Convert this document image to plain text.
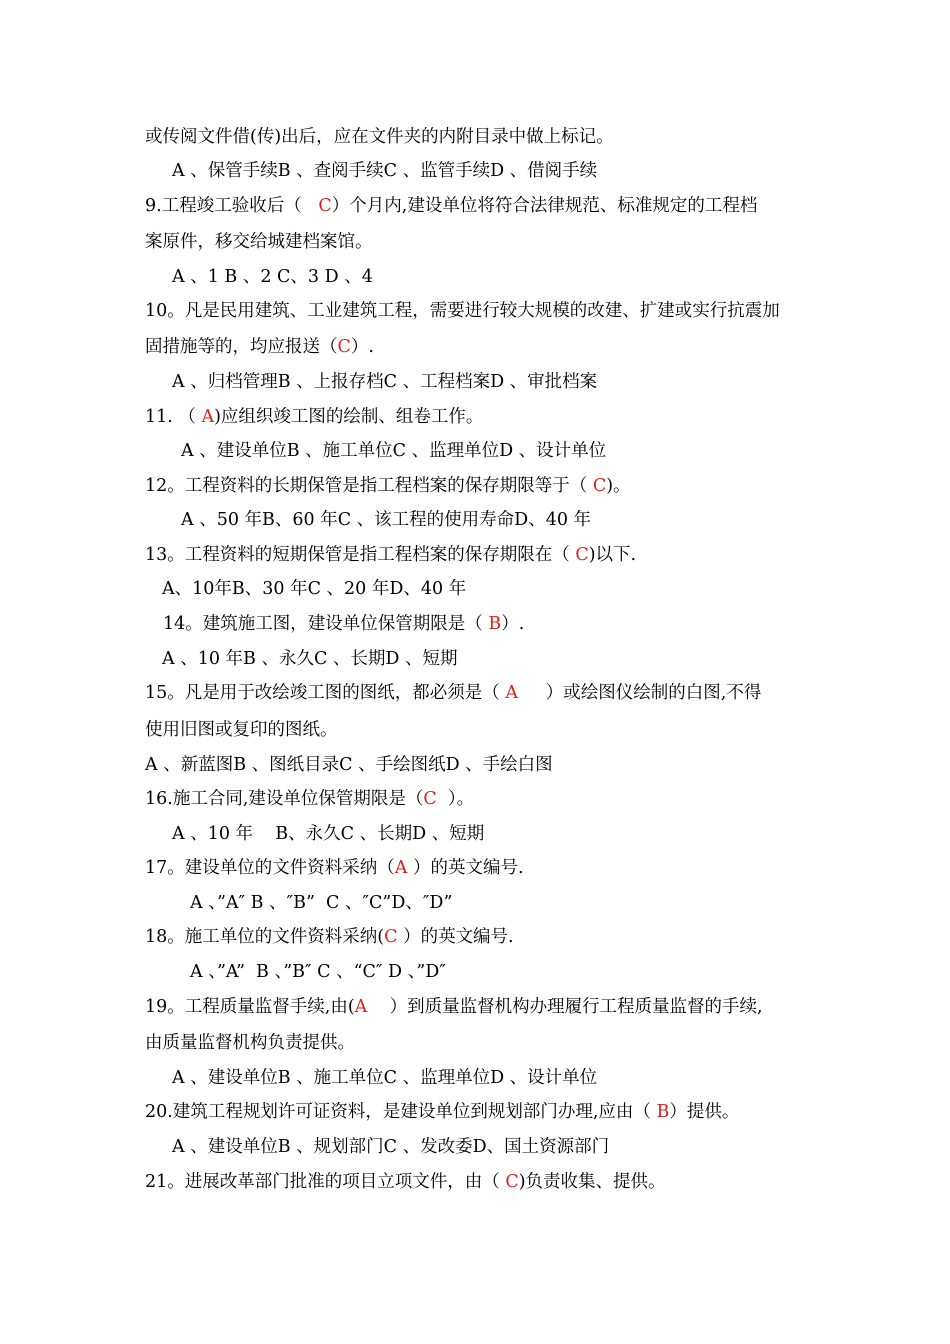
或传阅文件借(传)出后，应在文件夹的内附目录中做上标记。
A 、保管手续B 、查阅手续C 、监管手续D 、借阅手续
9.工程竣工验收后（   C）个月内,建设单位将符合法律规范、标准规定的工程档
案原件，移交给城建档案馆。
A 、1 B 、2 C、3 D 、4
10。凡是民用建筑、工业建筑工程，需要进行较大规模的改建、扩建或实行抗震加
固措施等的，均应报送（C）.
A 、归档管理B 、上报存档C 、工程档案D 、审批档案
11. （ A)应组织竣工图的绘制、组卷工作。
A 、建设单位B 、施工单位C 、监理单位D 、设计单位
12。工程资料的长期保管是指工程档案的保存期限等于（ C)。
A 、50 年B、60 年C 、该工程的使用寿命D、40 年
13。工程资料的短期保管是指工程档案的保存期限在（ C)以下.
A、10年B、30 年C 、20 年D、40 年
14。建筑施工图，建设单位保管期限是（ B）.
A 、10 年B 、永久C 、长期D 、短期
15。凡是用于改绘竣工图的图纸，都必须是（ A     ）或绘图仪绘制的白图,不得
使用旧图或复印的图纸。
A 、新蓝图B 、图纸目录C 、手绘图纸D 、手绘白图
16.施工合同,建设单位保管期限是（C  ）。
A 、10 年    B、永久C 、长期D 、短期
17。建设单位的文件资料采纳（A ）的英文编号.
A 、”A″ B 、″B”  C 、″C”D、″D”
18。施工单位的文件资料采纳(C ）的英文编号.
A 、”A”  B 、”B″ C 、“C″ D 、”D″
19。工程质量监督手续,由(A    ）到质量监督机构办理履行工程质量监督的手续,
由质量监督机构负责提供。
A 、建设单位B 、施工单位C 、监理单位D 、设计单位
20.建筑工程规划许可证资料，是建设单位到规划部门办理,应由（ B）提供。
A 、建设单位B 、规划部门C 、发改委D、国土资源部门
21。进展改革部门批准的项目立项文件，由（ C)负责收集、提供。
